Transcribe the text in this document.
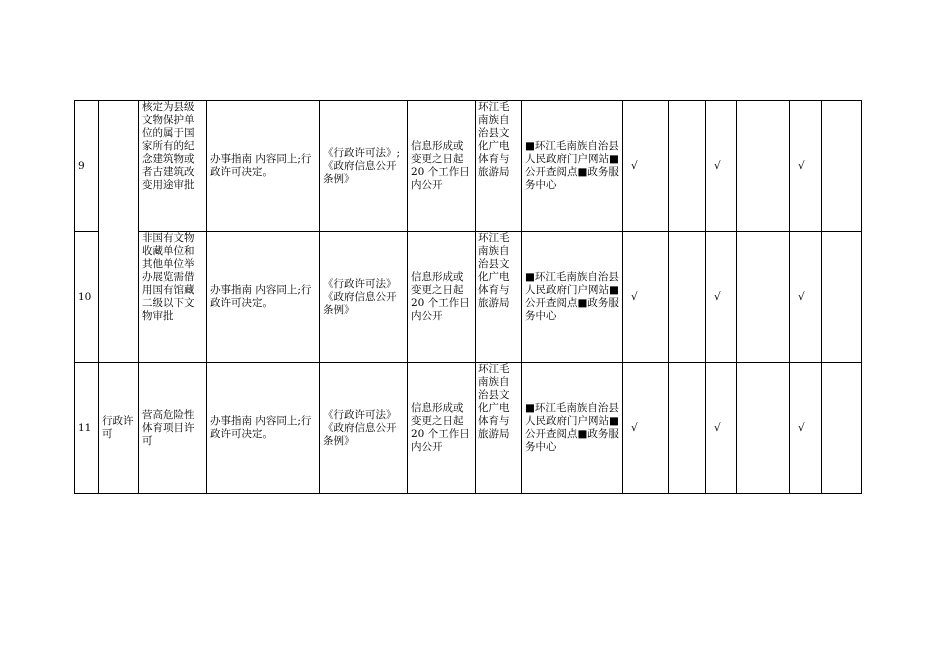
9		核定为县级文物保护单位的属于国家所有的纪念建筑物或者古建筑改变用途审批	办事指南 内容同上;行政许可决定。	《行政许可法》;《政府信息公开条例》	信息形成或变更之日起 20 个工作日内公开	环江毛南族自治县文化广电体育与旅游局	■环江毛南族自治县人民政府门户网站■公开查阅点■政务服务中心	√		√		√	
10		非国有文物收藏单位和其他单位举办展览需借用国有馆藏二级以下文物审批	办事指南 内容同上;行政许可决定。	《行政许可法》《政府信息公开条例》	信息形成或变更之日起 20 个工作日内公开	环江毛南族自治县文化广电体育与旅游局	■环江毛南族自治县人民政府门户网站■公开查阅点■政务服务中心	√		√		√	
11	行政许可	营高危险性体育项目许可	办事指南 内容同上;行政许可决定。	《行政许可法》《政府信息公开条例》	信息形成或变更之日起 20 个工作日内公开	环江毛南族自治县文化广电体育与旅游局	■环江毛南族自治县人民政府门户网站■公开查阅点■政务服务中心	√		√		√	
